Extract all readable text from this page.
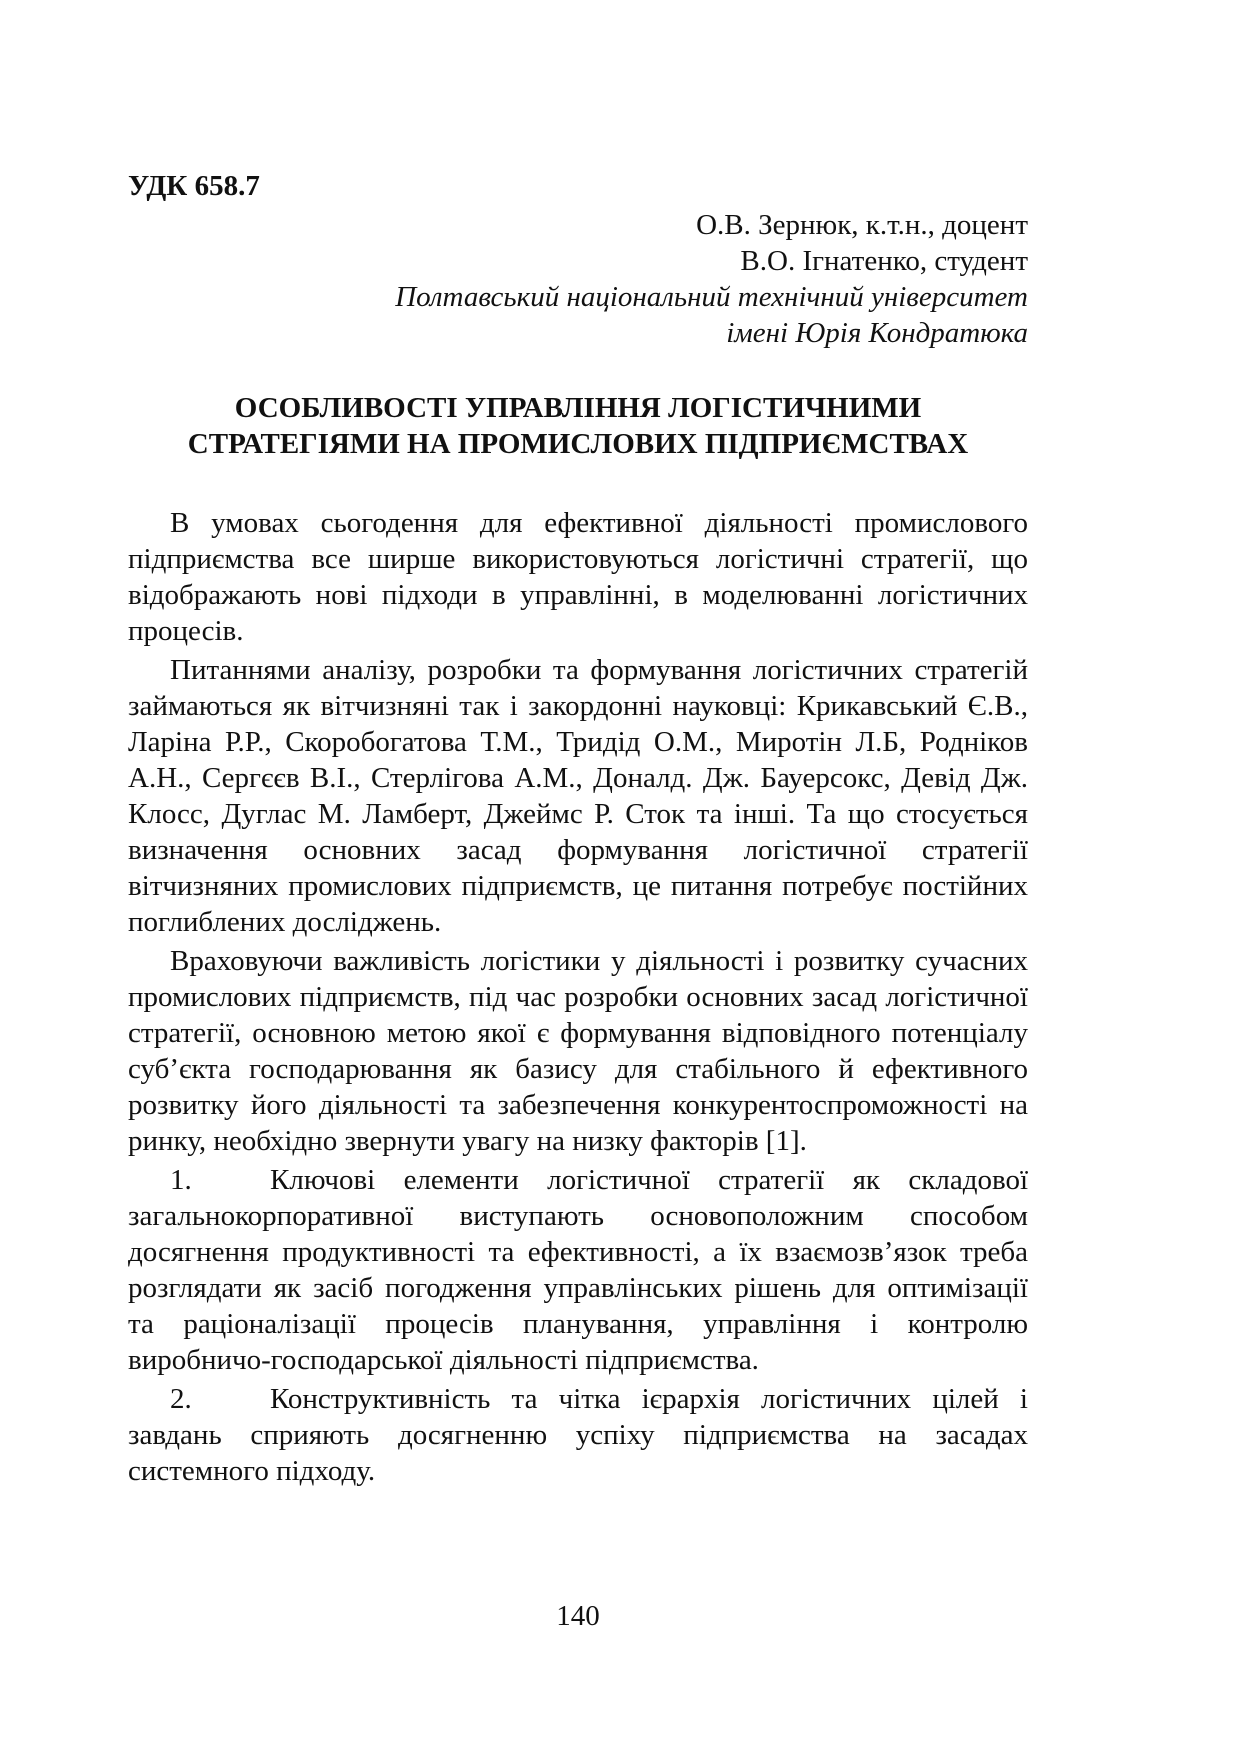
УДК 658.7
О.В. Зернюк, к.т.н., доцент
В.О. Ігнатенко, студент
Полтавський національний технічний університет
імені Юрія Кондратюка
ОСОБЛИВОСТІ УПРАВЛІННЯ ЛОГІСТИЧНИМИ
СТРАТЕГІЯМИ НА ПРОМИСЛОВИХ ПІДПРИЄМСТВАХ

В умовах сьогодення для ефективної діяльності промислового підприємства все ширше використовуються логістичні стратегії, що відображають нові підходи в управлінні, в моделюванні логістичних процесів.

Питаннями аналізу, розробки та формування логістичних стратегій займаються як вітчизняні так і закордонні науковці: Крикавський Є.В., Ларіна Р.Р., Скоробогатова Т.М., Тридід О.М., Миротін Л.Б, Родніков А.Н., Сергєєв В.І., Стерлігова А.М., Доналд. Дж. Бауерсокс, Девід Дж. Клосс, Дуглас М. Ламберт, Джеймс Р. Сток та інші. Та що стосується визначення основних засад формування логістичної стратегії вітчизняних промислових підприємств, це питання потребує постійних поглиблених досліджень.

Враховуючи важливість логістики у діяльності і розвитку сучасних промислових підприємств, під час розробки основних засад логістичної стратегії, основною метою якої є формування відповідного потенціалу суб’єкта господарювання як базису для стабільного й ефективного розвитку його діяльності та забезпечення конкурентоспроможності на ринку, необхідно звернути увагу на низку факторів [1].

1.	Ключові елементи логістичної стратегії як складової загальнокорпоративної виступають основоположним способом досягнення продуктивності та ефективності, а їх взаємозв’язок треба розглядати як засіб погодження управлінських рішень для оптимізації та раціоналізації процесів планування, управління і контролю виробничо-господарської діяльності підприємства.

2.	Конструктивність та чітка ієрархія логістичних цілей і завдань сприяють досягненню успіху підприємства на засадах системного підходу.

140
